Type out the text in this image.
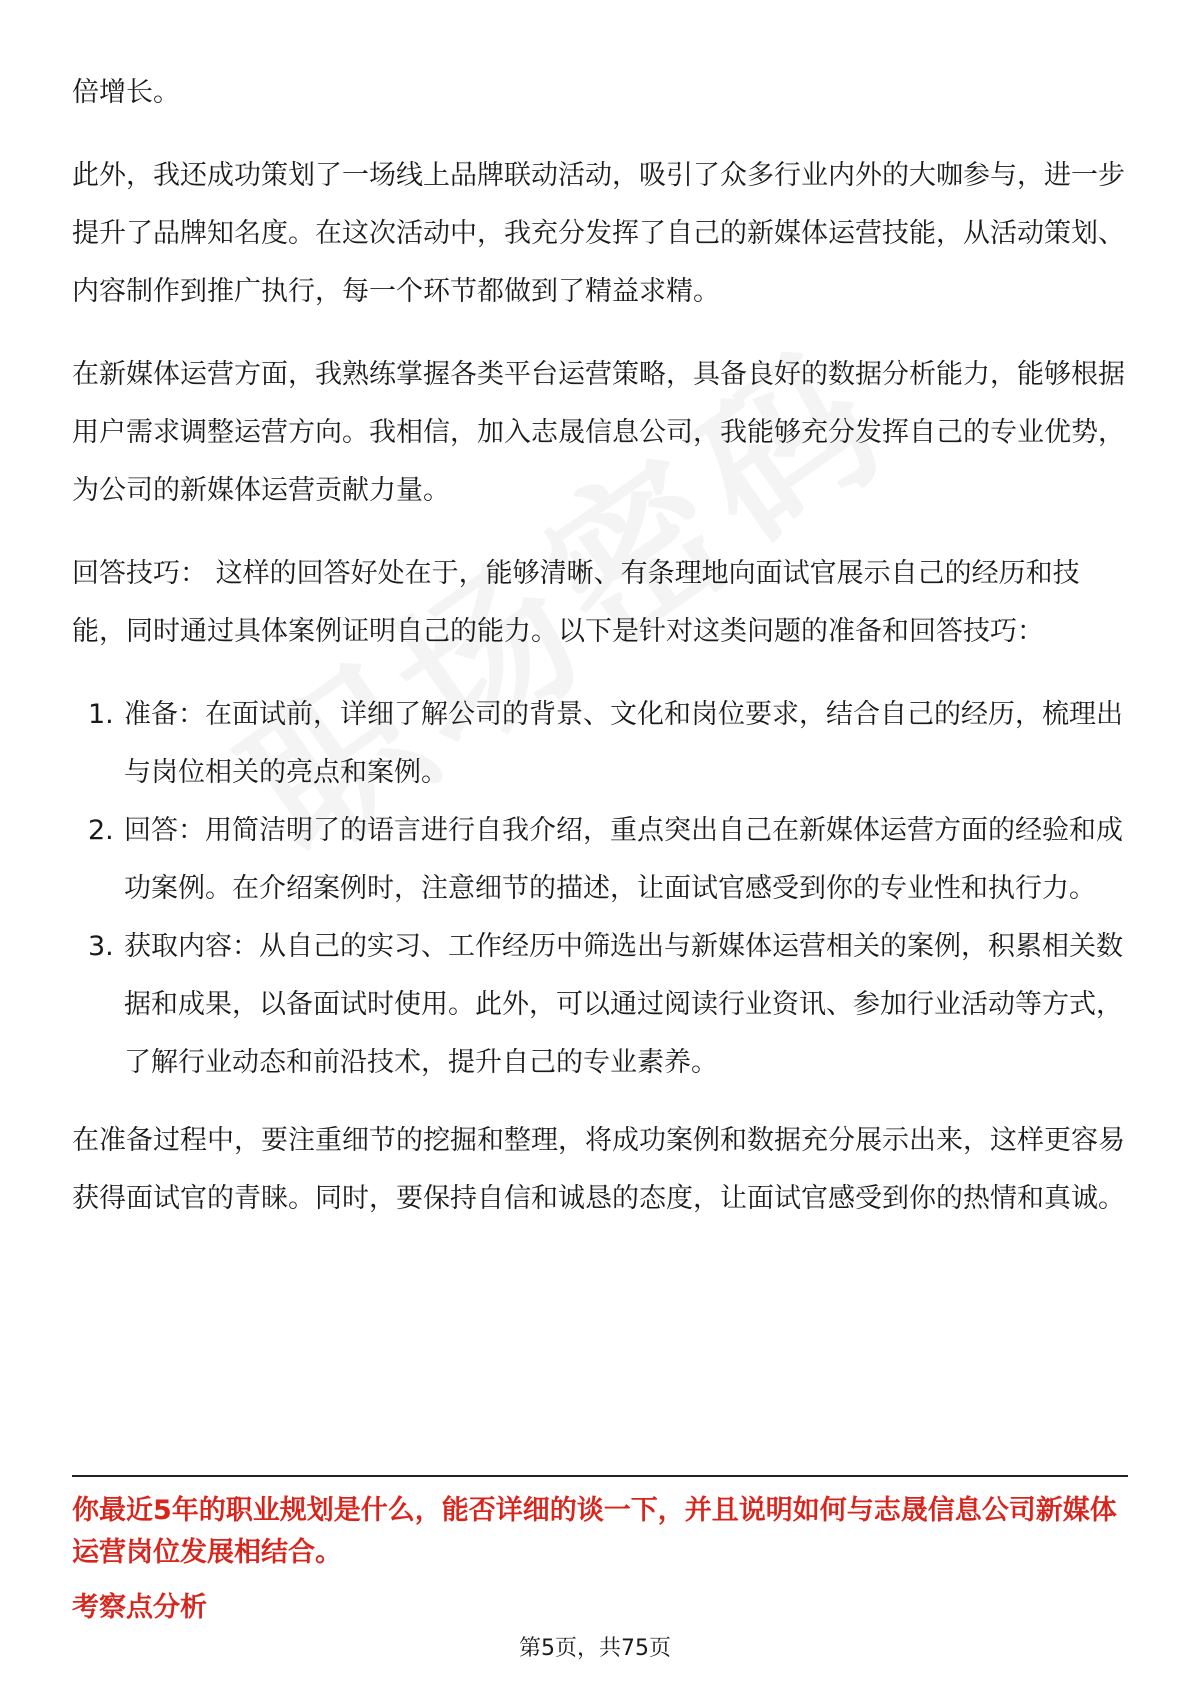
倍增长。

此外，我还成功策划了一场线上品牌联动活动，吸引了众多行业内外的大咖参与，进一步提升了品牌知名度。在这次活动中，我充分发挥了自己的新媒体运营技能，从活动策划、内容制作到推广执行，每一个环节都做到了精益求精。

在新媒体运营方面，我熟练掌握各类平台运营策略，具备良好的数据分析能力，能够根据用户需求调整运营方向。我相信，加入志晟信息公司，我能够充分发挥自己的专业优势，为公司的新媒体运营贡献力量。

回答技巧： 这样的回答好处在于，能够清晰、有条理地向面试官展示自己的经历和技能，同时通过具体案例证明自己的能力。以下是针对这类问题的准备和回答技巧：

1. 准备：在面试前，详细了解公司的背景、文化和岗位要求，结合自己的经历，梳理出与岗位相关的亮点和案例。
2. 回答：用简洁明了的语言进行自我介绍，重点突出自己在新媒体运营方面的经验和成功案例。在介绍案例时，注意细节的描述，让面试官感受到你的专业性和执行力。
3. 获取内容：从自己的实习、工作经历中筛选出与新媒体运营相关的案例，积累相关数据和成果，以备面试时使用。此外，可以通过阅读行业资讯、参加行业活动等方式，了解行业动态和前沿技术，提升自己的专业素养。

在准备过程中，要注重细节的挖掘和整理，将成功案例和数据充分展示出来，这样更容易获得面试官的青睐。同时，要保持自信和诚恳的态度，让面试官感受到你的热情和真诚。

你最近5年的职业规划是什么，能否详细的谈一下，并且说明如何与志晟信息公司新媒体运营岗位发展相结合。

考察点分析

第5页，共75页
